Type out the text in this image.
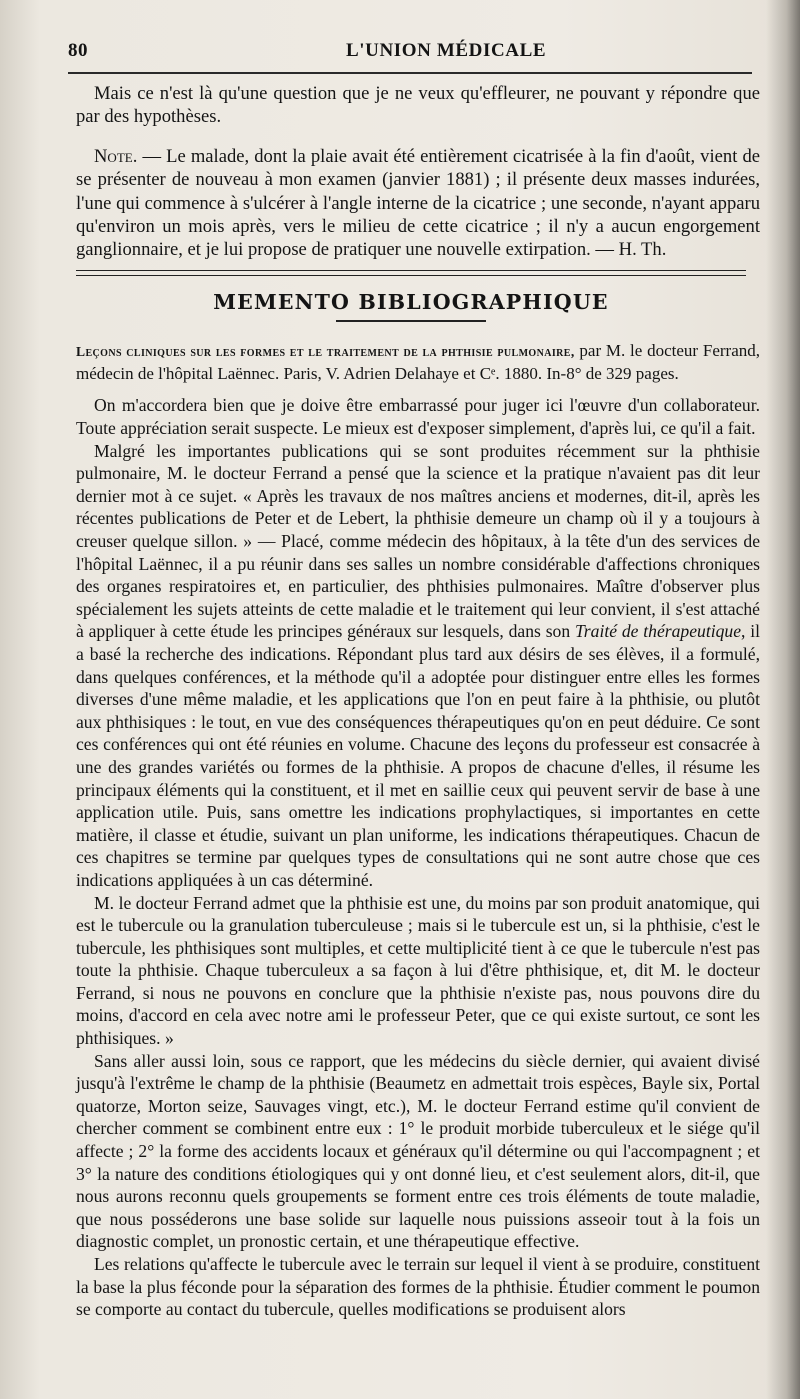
80	L'UNION MÉDICALE

Mais ce n'est là qu'une question que je ne veux qu'effleurer, ne pouvant y répondre que par des hypothèses.

Note. — Le malade, dont la plaie avait été entièrement cicatrisée à la fin d'août, vient de se présenter de nouveau à mon examen (janvier 1881) ; il présente deux masses indurées, l'une qui commence à s'ulcérer à l'angle interne de la cicatrice ; une seconde, n'ayant apparu qu'environ un mois après, vers le milieu de cette cicatrice ; il n'y a aucun engorgement ganglionnaire, et je lui propose de pratiquer une nouvelle extirpation. — H. Th.

MEMENTO BIBLIOGRAPHIQUE

Leçons cliniques sur les formes et le traitement de la phthisie pulmonaire, par M. le docteur Ferrand, médecin de l'hôpital Laënnec. Paris, V. Adrien Delahaye et Cᵉ. 1880. In-8° de 329 pages.

On m'accordera bien que je doive être embarrassé pour juger ici l'œuvre d'un collaborateur. Toute appréciation serait suspecte. Le mieux est d'exposer simplement, d'après lui, ce qu'il a fait.

Malgré les importantes publications qui se sont produites récemment sur la phthisie pulmonaire, M. le docteur Ferrand a pensé que la science et la pratique n'avaient pas dit leur dernier mot à ce sujet. « Après les travaux de nos maîtres anciens et modernes, dit-il, après les récentes publications de Peter et de Lebert, la phthisie demeure un champ où il y a toujours à creuser quelque sillon. » — Placé, comme médecin des hôpitaux, à la tête d'un des services de l'hôpital Laënnec, il a pu réunir dans ses salles un nombre considérable d'affections chroniques des organes respiratoires et, en particulier, des phthisies pulmonaires. Maître d'observer plus spécialement les sujets atteints de cette maladie et le traitement qui leur convient, il s'est attaché à appliquer à cette étude les principes généraux sur lesquels, dans son Traité de thérapeutique, il a basé la recherche des indications. Répondant plus tard aux désirs de ses élèves, il a formulé, dans quelques conférences, et la méthode qu'il a adoptée pour distinguer entre elles les formes diverses d'une même maladie, et les applications que l'on en peut faire à la phthisie, ou plutôt aux phthisiques : le tout, en vue des conséquences thérapeutiques qu'on en peut déduire. Ce sont ces conférences qui ont été réunies en volume. Chacune des leçons du professeur est consacrée à une des grandes variétés ou formes de la phthisie. A propos de chacune d'elles, il résume les principaux éléments qui la constituent, et il met en saillie ceux qui peuvent servir de base à une application utile. Puis, sans omettre les indications prophylactiques, si importantes en cette matière, il classe et étudie, suivant un plan uniforme, les indications thérapeutiques. Chacun de ces chapitres se termine par quelques types de consultations qui ne sont autre chose que ces indications appliquées à un cas déterminé.

M. le docteur Ferrand admet que la phthisie est une, du moins par son produit anatomique, qui est le tubercule ou la granulation tuberculeuse ; mais si le tubercule est un, si la phthisie, c'est le tubercule, les phthisiques sont multiples, et cette multiplicité tient à ce que le tubercule n'est pas toute la phthisie. Chaque tuberculeux a sa façon à lui d'être phthisique, et, dit M. le docteur Ferrand, si nous ne pouvons en conclure que la phthisie n'existe pas, nous pouvons dire du moins, d'accord en cela avec notre ami le professeur Peter, que ce qui existe surtout, ce sont les phthisiques. »

Sans aller aussi loin, sous ce rapport, que les médecins du siècle dernier, qui avaient divisé jusqu'à l'extrême le champ de la phthisie (Beaumetz en admettait trois espèces, Bayle six, Portal quatorze, Morton seize, Sauvages vingt, etc.), M. le docteur Ferrand estime qu'il convient de chercher comment se combinent entre eux : 1° le produit morbide tuberculeux et le siége qu'il affecte ; 2° la forme des accidents locaux et généraux qu'il détermine ou qui l'accompagnent ; et 3° la nature des conditions étiologiques qui y ont donné lieu, et c'est seulement alors, dit-il, que nous aurons reconnu quels groupements se forment entre ces trois éléments de toute maladie, que nous posséderons une base solide sur laquelle nous puissions asseoir tout à la fois un diagnostic complet, un pronostic certain, et une thérapeutique effective.

Les relations qu'affecte le tubercule avec le terrain sur lequel il vient à se produire, constituent la base la plus féconde pour la séparation des formes de la phthisie. Étudier comment le poumon se comporte au contact du tubercule, quelles modifications se produisent alors
